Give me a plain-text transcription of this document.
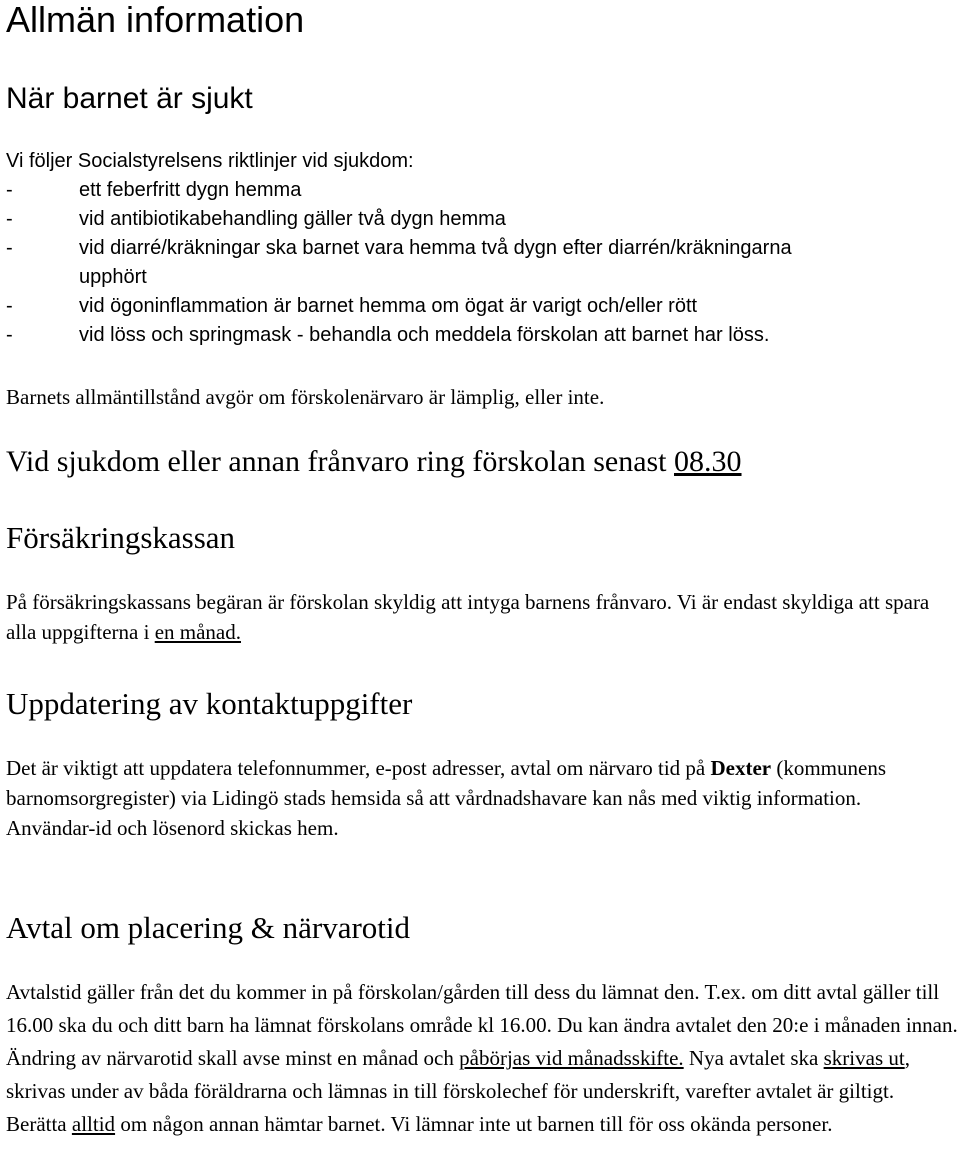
Allmän information
När barnet är sjukt
Vi följer Socialstyrelsens riktlinjer vid sjukdom:
-	ett feberfritt dygn hemma
-	vid antibiotikabehandling gäller två dygn hemma
-	vid diarré/kräkningar ska barnet vara hemma två dygn efter diarrén/kräkningarna
upphört
-	vid ögoninflammation är barnet hemma om ögat är varigt och/eller rött
-	vid löss och springmask - behandla och meddela förskolan att barnet har löss.
Barnets allmäntillstånd avgör om förskolenärvaro är lämplig, eller inte.
Vid sjukdom eller annan frånvaro ring förskolan senast 08.30
Försäkringskassan

På försäkringskassans begäran är förskolan skyldig att intyga barnens frånvaro. Vi är endast skyldiga att spara alla uppgifterna i en månad.

Uppdatering av kontaktuppgifter

Det är viktigt att uppdatera telefonnummer, e-post adresser, avtal om närvaro tid på Dexter (kommunens barnomsorgregister) via Lidingö stads hemsida så att vårdnadshavare kan nås med viktig information.
Användar-id och lösenord skickas hem.

Avtal om placering & närvarotid

Avtalstid gäller från det du kommer in på förskolan/gården till dess du lämnat den. T.ex. om ditt avtal gäller till 16.00 ska du och ditt barn ha lämnat förskolans område kl 16.00. Du kan ändra avtalet den 20:e i månaden innan. Ändring av närvarotid skall avse minst en månad och påbörjas vid månadsskifte. Nya avtalet ska skrivas ut, skrivas under av båda föräldrarna och lämnas in till förskolechef för underskrift, varefter avtalet är giltigt. Berätta alltid om någon annan hämtar barnet. Vi lämnar inte ut barnen till för oss okända personer.
